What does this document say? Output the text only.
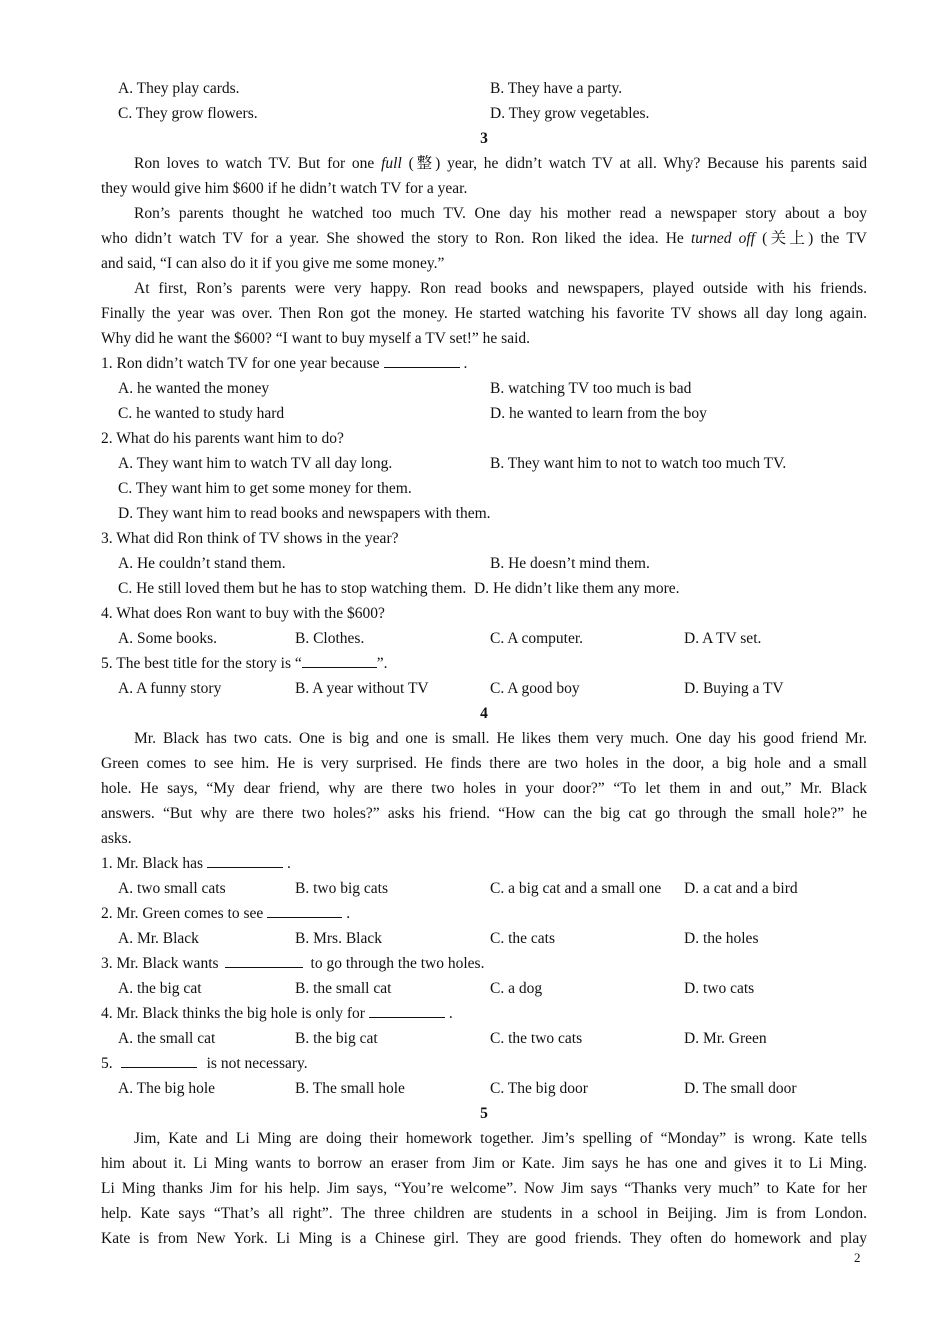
A. They play cards.	B. They have a party.
C. They grow flowers.	D. They grow vegetables.
3
Ron loves to watch TV. But for one full (整) year, he didn’t watch TV at all. Why? Because his parents said
they would give him $600 if he didn’t watch TV for a year.
Ron’s parents thought he watched too much TV. One day his mother read a newspaper story about a boy
who didn’t watch TV for a year. She showed the story to Ron. Ron liked the idea. He turned off (关上) the TV
and said, “I can also do it if you give me some money.”
At first, Ron’s parents were very happy. Ron read books and newspapers, played outside with his friends.
Finally the year was over. Then Ron got the money. He started watching his favorite TV shows all day long again.
Why did he want the $600? “I want to buy myself a TV set!” he said.
1. Ron didn’t watch TV for one year because	.
A. he wanted the money	B. watching TV too much is bad
C. he wanted to study hard	D. he wanted to learn from the boy
2. What do his parents want him to do?
A. They want him to watch TV all day long.	B. They want him to not to watch too much TV.
C. They want him to get some money for them.
D. They want him to read books and newspapers with them.
3. What did Ron think of TV shows in the year?
A. He couldn’t stand them.	B. He doesn’t mind them.
C. He still loved them but he has to stop watching them.  D. He didn’t like them any more.
4. What does Ron want to buy with the $600?
A. Some books.	B. Clothes.	C. A computer.	D. A TV set.
5. The best title for the story is “	”.
A. A funny story	B. A year without TV	C. A good boy	D. Buying a TV
4
Mr. Black has two cats. One is big and one is small. He likes them very much. One day his good friend Mr.
Green comes to see him. He is very surprised. He finds there are two holes in the door, a big hole and a small
hole. He says, “My dear friend, why are there two holes in your door?” “To let them in and out,” Mr. Black
answers. “But why are there two holes?” asks his friend. “How can the big cat go through the small hole?” he
asks.
1. Mr. Black has	.
A. two small cats	B. two big cats	C. a big cat and a small one D. a cat and a bird
2. Mr. Green comes to see	.
A. Mr. Black	B. Mrs. Black	C. the cats	D. the holes
3. Mr. Black wants	to go through the two holes.
A. the big cat	B. the small cat	C. a dog	D. two cats
4. Mr. Black thinks the big hole is only for	.
A. the small cat	B. the big cat	C. the two cats	D. Mr. Green
5.	is not necessary.
A. The big hole	B. The small hole	C. The big door	D. The small door
5
Jim, Kate and Li Ming are doing their homework together. Jim’s spelling of “Monday” is wrong. Kate tells
him about it. Li Ming wants to borrow an eraser from Jim or Kate. Jim says he has one and gives it to Li Ming.
Li Ming thanks Jim for his help. Jim says, “You’re welcome”. Now Jim says “Thanks very much” to Kate for her
help. Kate says “That’s all right”. The three children are students in a school in Beijing. Jim is from London.
Kate is from New York. Li Ming is a Chinese girl. They are good friends. They often do homework and play
2
